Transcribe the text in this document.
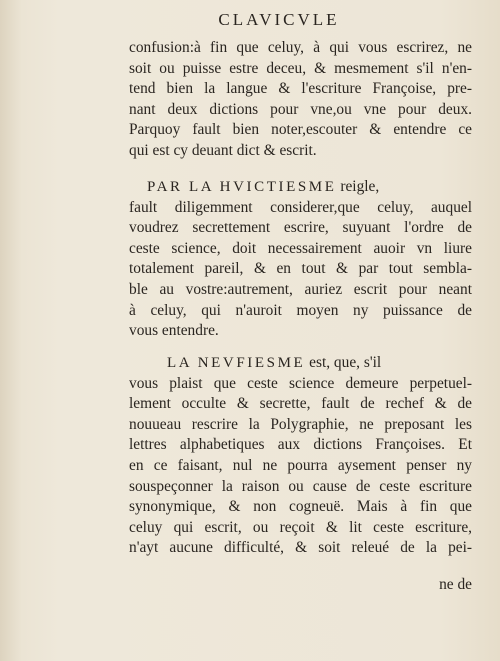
CLAVICVLE
confusion:à fin que celuy, à qui vous escrirez, ne
soit ou puisse estre deceu, & mesmement s'il n'en-
tend bien la langue & l'escriture Françoise, pre-
nant deux dictions pour vne,ou vne pour deux.
Parquoy fault bien noter,escouter & entendre ce
qui est cy deuant dict & escrit.
PAR LA HVICTIESME reigle,
fault diligemment considerer,que celuy, auquel
voudrez secrettement escrire, suyuant l'ordre de
ceste science, doit necessairement auoir vn liure
totalement pareil, & en tout & par tout sembla-
ble au vostre:autrement, auriez escrit pour neant
à celuy, qui n'auroit moyen ny puissance de
vous entendre.
LA NEVFIESME est, que, s'il
vous plaist que ceste science demeure perpetuel-
lement occulte & secrette, fault de rechef & de
nouueau rescrire la Polygraphie, ne preposant les
lettres alphabetiques aux dictions Françoises. Et
en ce faisant, nul ne pourra aysement penser ny
souspeçonner la raison ou cause de ceste escriture
synonymique, & non cogneuë. Mais à fin que
celuy qui escrit, ou reçoit & lit ceste escriture,
n'ayt aucune difficulté, & soit releué de la pei-
ne de
